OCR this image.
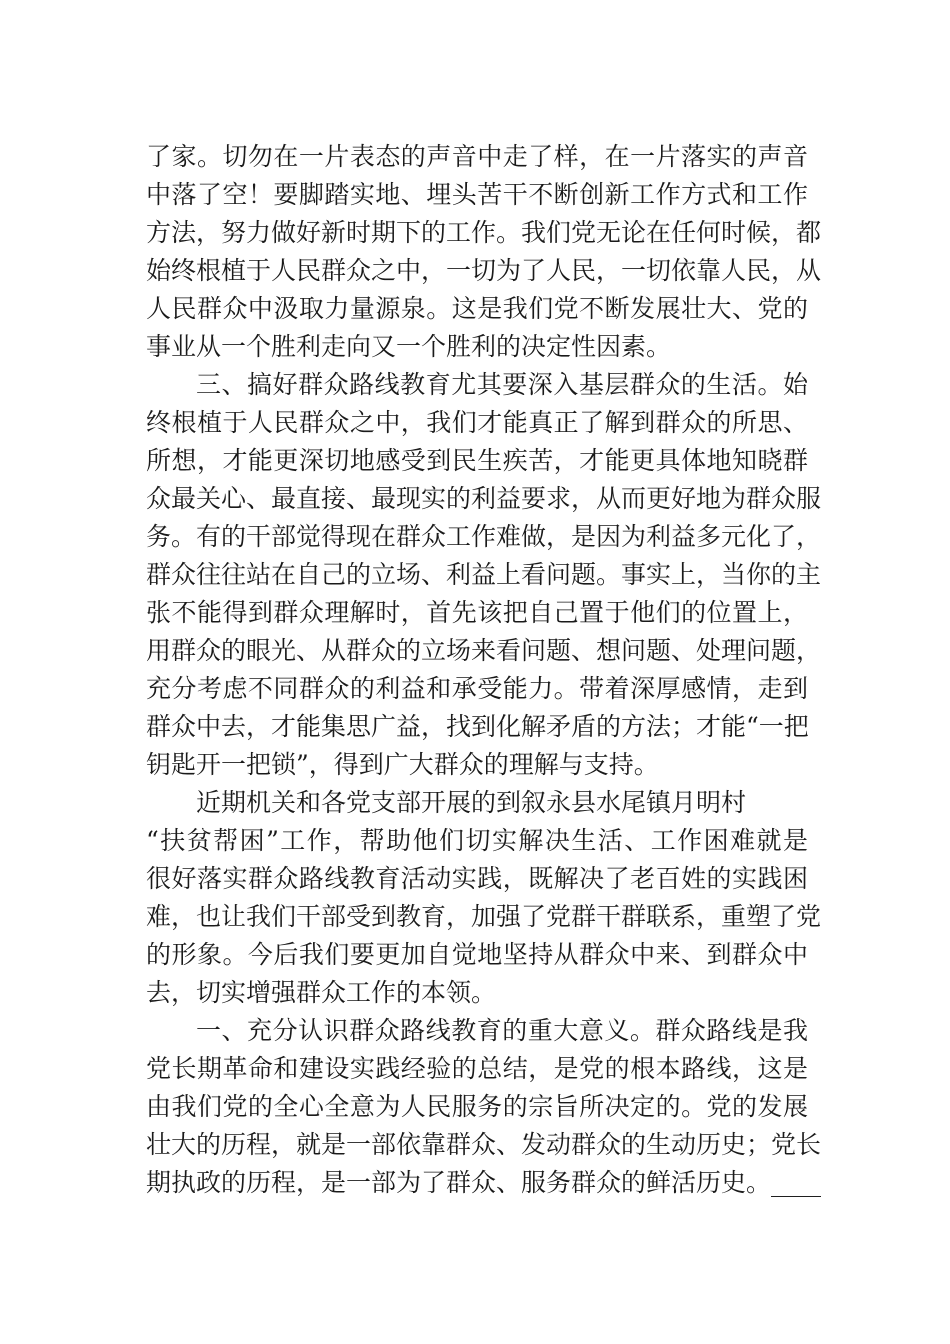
了家。切勿在一片表态的声音中走了样，在一片落实的声音
中落了空！要脚踏实地、埋头苦干不断创新工作方式和工作
方法，努力做好新时期下的工作。我们党无论在任何时候，都
始终根植于人民群众之中，一切为了人民，一切依靠人民，从
人民群众中汲取力量源泉。这是我们党不断发展壮大、党的
事业从一个胜利走向又一个胜利的决定性因素。
三、搞好群众路线教育尤其要深入基层群众的生活。始
终根植于人民群众之中，我们才能真正了解到群众的所思、
所想，才能更深切地感受到民生疾苦，才能更具体地知晓群
众最关心、最直接、最现实的利益要求，从而更好地为群众服
务。有的干部觉得现在群众工作难做，是因为利益多元化了，
群众往往站在自己的立场、利益上看问题。事实上，当你的主
张不能得到群众理解时，首先该把自己置于他们的位置上，
用群众的眼光、从群众的立场来看问题、想问题、处理问题，
充分考虑不同群众的利益和承受能力。带着深厚感情，走到
群众中去，才能集思广益，找到化解矛盾的方法；才能“一把
钥匙开一把锁”，得到广大群众的理解与支持。
近期机关和各党支部开展的到叙永县水尾镇月明村
“扶贫帮困”工作，帮助他们切实解决生活、工作困难就是
很好落实群众路线教育活动实践，既解决了老百姓的实践困
难，也让我们干部受到教育，加强了党群干群联系，重塑了党
的形象。今后我们要更加自觉地坚持从群众中来、到群众中
去，切实增强群众工作的本领。
一、充分认识群众路线教育的重大意义。群众路线是我
党长期革命和建设实践经验的总结，是党的根本路线，这是
由我们党的全心全意为人民服务的宗旨所决定的。党的发展
壮大的历程，就是一部依靠群众、发动群众的生动历史；党长
期执政的历程，是一部为了群众、服务群众的鲜活历史。____
